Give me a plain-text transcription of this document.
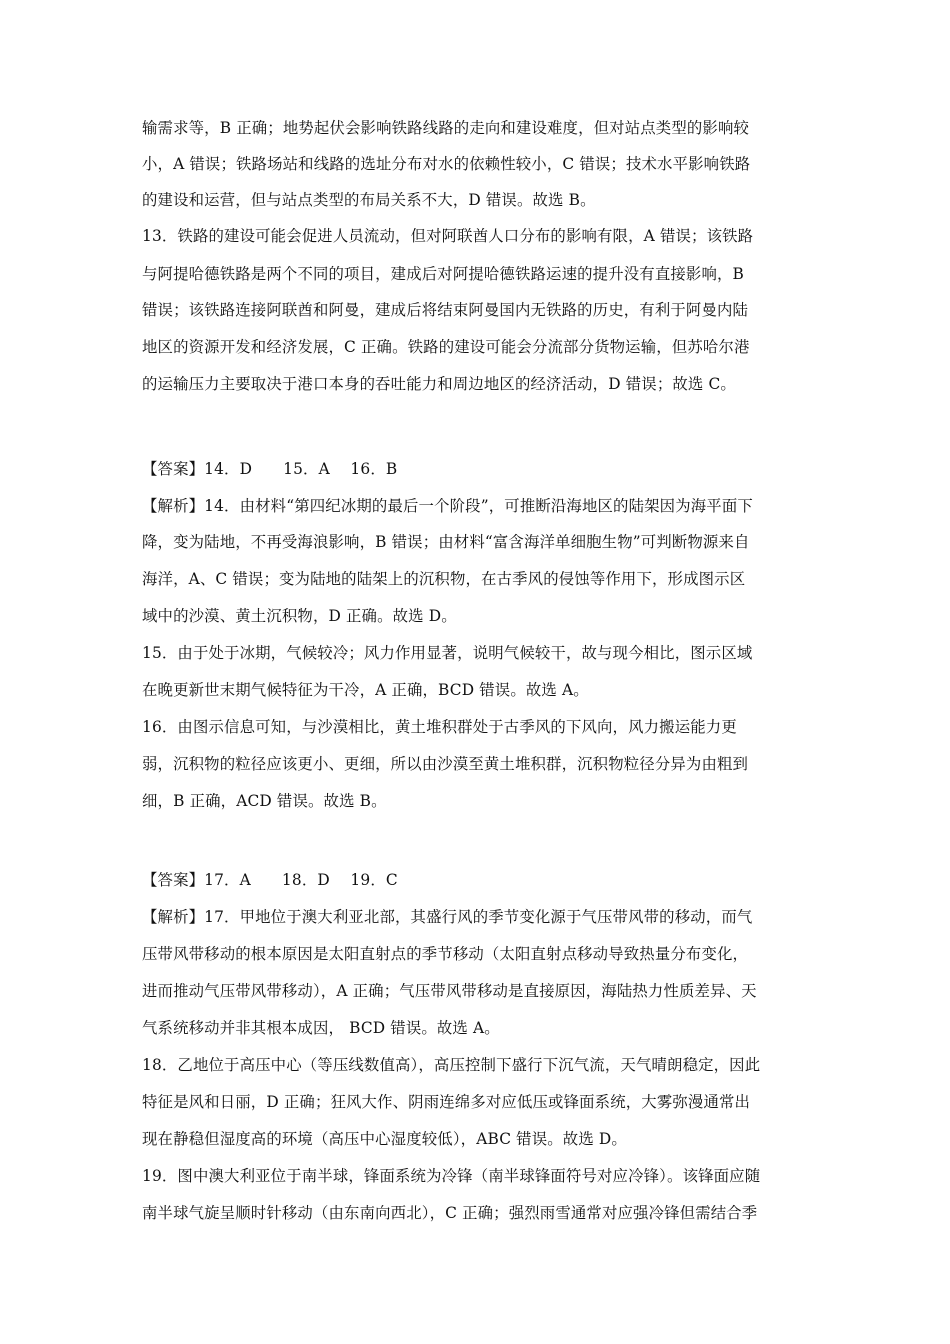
输需求等，B 正确；地势起伏会影响铁路线路的走向和建设难度，但对站点类型的影响较
小，A 错误；铁路场站和线路的选址分布对水的依赖性较小，C 错误；技术水平影响铁路
的建设和运营，但与站点类型的布局关系不大，D 错误。故选 B。
13．铁路的建设可能会促进人员流动，但对阿联酋人口分布的影响有限，A 错误；该铁路
与阿提哈德铁路是两个不同的项目，建成后对阿提哈德铁路运速的提升没有直接影响，B
错误；该铁路连接阿联酋和阿曼，建成后将结束阿曼国内无铁路的历史，有利于阿曼内陆
地区的资源开发和经济发展，C 正确。铁路的建设可能会分流部分货物运输，但苏哈尔港
的运输压力主要取决于港口本身的吞吐能力和周边地区的经济活动，D 错误；故选 C。
【答案】14．D　　15．A　 16．B
【解析】14．由材料“第四纪冰期的最后一个阶段”，可推断沿海地区的陆架因为海平面下
降，变为陆地，不再受海浪影响，B 错误；由材料“富含海洋单细胞生物”可判断物源来自
海洋，A、C 错误；变为陆地的陆架上的沉积物，在古季风的侵蚀等作用下，形成图示区
域中的沙漠、黄土沉积物，D 正确。故选 D。
15．由于处于冰期，气候较冷；风力作用显著，说明气候较干，故与现今相比，图示区域
在晚更新世末期气候特征为干冷，A 正确，BCD 错误。故选 A。
16．由图示信息可知，与沙漠相比，黄土堆积群处于古季风的下风向，风力搬运能力更
弱，沉积物的粒径应该更小、更细，所以由沙漠至黄土堆积群，沉积物粒径分异为由粗到
细，B 正确，ACD 错误。故选 B。
【答案】17．A　　18．D　 19．C
【解析】17．甲地位于澳大利亚北部，其盛行风的季节变化源于气压带风带的移动，而气
压带风带移动的根本原因是太阳直射点的季节移动（太阳直射点移动导致热量分布变化，
进而推动气压带风带移动），A 正确；气压带风带移动是直接原因，海陆热力性质差异、天
气系统移动并非其根本成因， BCD 错误。故选 A。
18．乙地位于高压中心（等压线数值高），高压控制下盛行下沉气流，天气晴朗稳定，因此
特征是风和日丽，D 正确；狂风大作、阴雨连绵多对应低压或锋面系统，大雾弥漫通常出
现在静稳但湿度高的环境（高压中心湿度较低），ABC 错误。故选 D。
19．图中澳大利亚位于南半球，锋面系统为冷锋（南半球锋面符号对应冷锋）。该锋面应随
南半球气旋呈顺时针移动（由东南向西北），C 正确；强烈雨雪通常对应强冷锋但需结合季
